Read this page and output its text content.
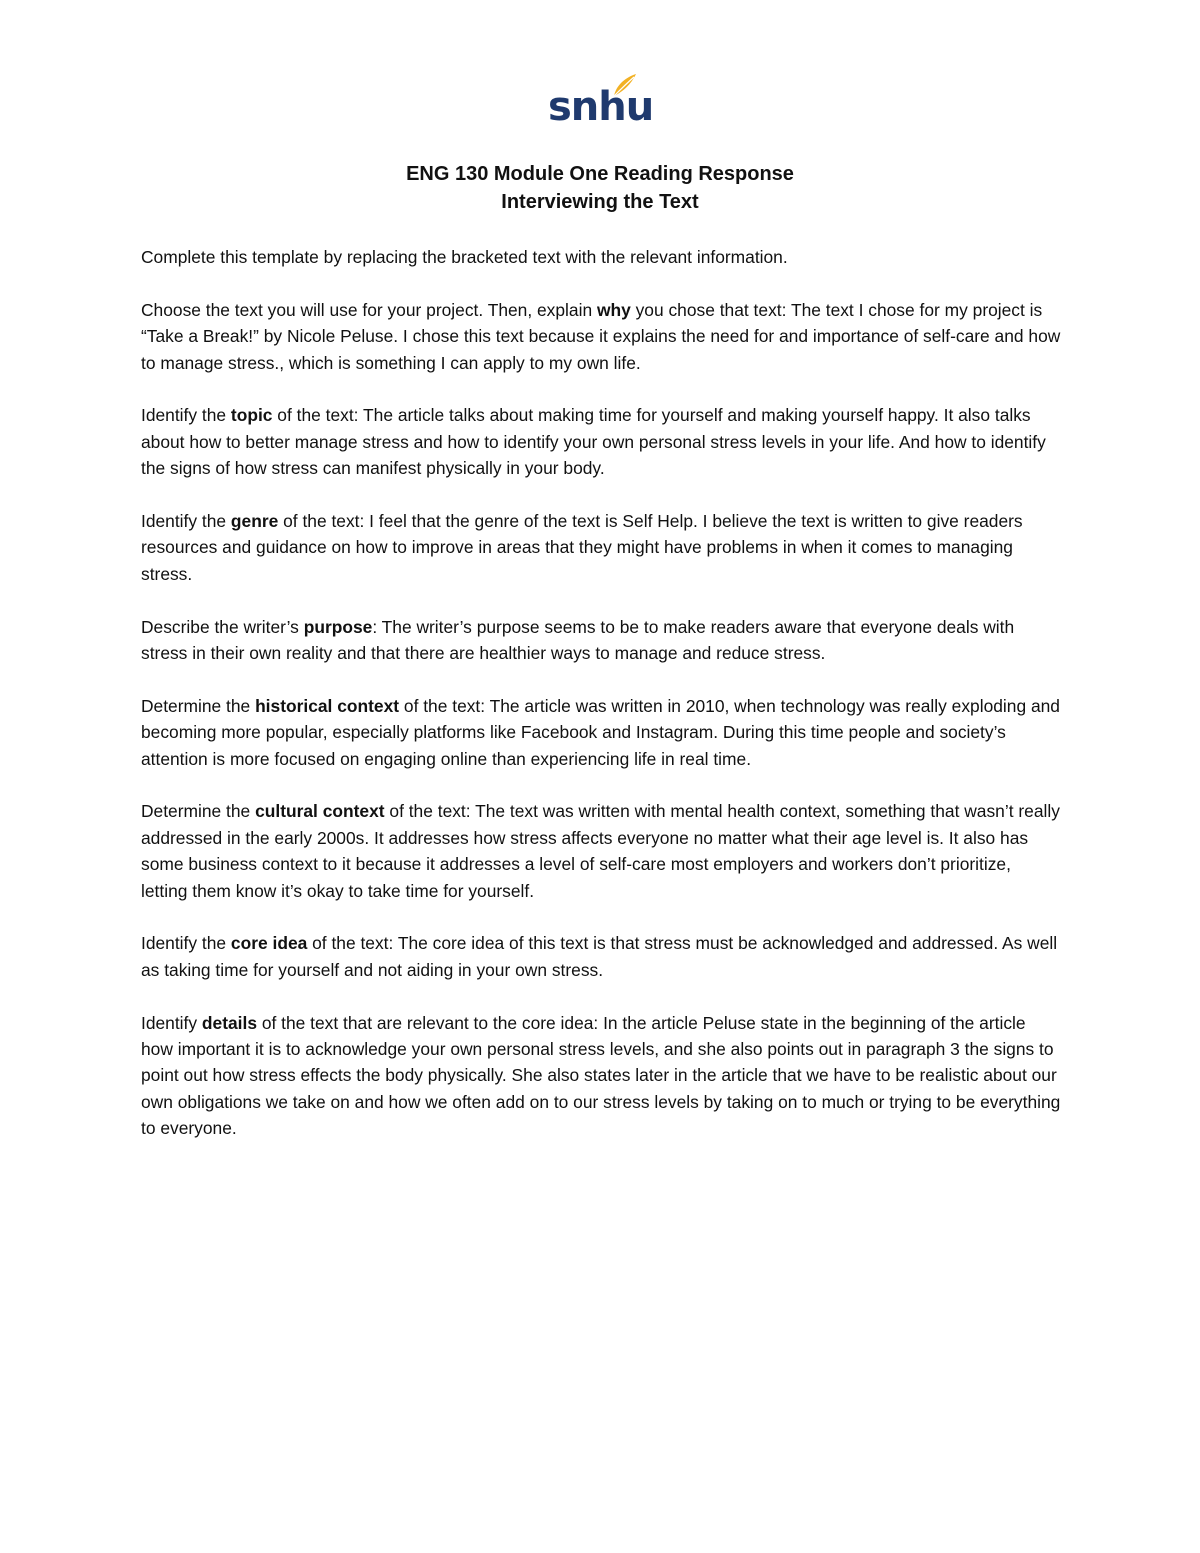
snhu
ENG 130 Module One Reading Response
Interviewing the Text

Complete this template by replacing the bracketed text with the relevant information.

Choose the text you will use for your project. Then, explain why you chose that text: The text I chose for my project is “Take a Break!” by Nicole Peluse. I chose this text because it explains the need for and importance of self-care and how to manage stress., which is something I can apply to my own life.

Identify the topic of the text: The article talks about making time for yourself and making yourself happy. It also talks about how to better manage stress and how to identify your own personal stress levels in your life. And how to identify the signs of how stress can manifest physically in your body.

Identify the genre of the text: I feel that the genre of the text is Self Help. I believe the text is written to give readers resources and guidance on how to improve in areas that they might have problems in when it comes to managing stress.

Describe the writer’s purpose: The writer’s purpose seems to be to make readers aware that everyone deals with stress in their own reality and that there are healthier ways to manage and reduce stress.

Determine the historical context of the text: The article was written in 2010, when technology was really exploding and becoming more popular, especially platforms like Facebook and Instagram. During this time people and society’s attention is more focused on engaging online than experiencing life in real time.

Determine the cultural context of the text: The text was written with mental health context, something that wasn’t really addressed in the early 2000s. It addresses how stress affects everyone no matter what their age level is. It also has some business context to it because it addresses a level of self-care most employers and workers don’t prioritize, letting them know it’s okay to take time for yourself.

Identify the core idea of the text: The core idea of this text is that stress must be acknowledged and addressed. As well as taking time for yourself and not aiding in your own stress.

Identify details of the text that are relevant to the core idea: In the article Peluse state in the beginning of the article how important it is to acknowledge your own personal stress levels, and she also points out in paragraph 3 the signs to point out how stress effects the body physically. She also states later in the article that we have to be realistic about our own obligations we take on and how we often add on to our stress levels by taking on to much or trying to be everything to everyone.
